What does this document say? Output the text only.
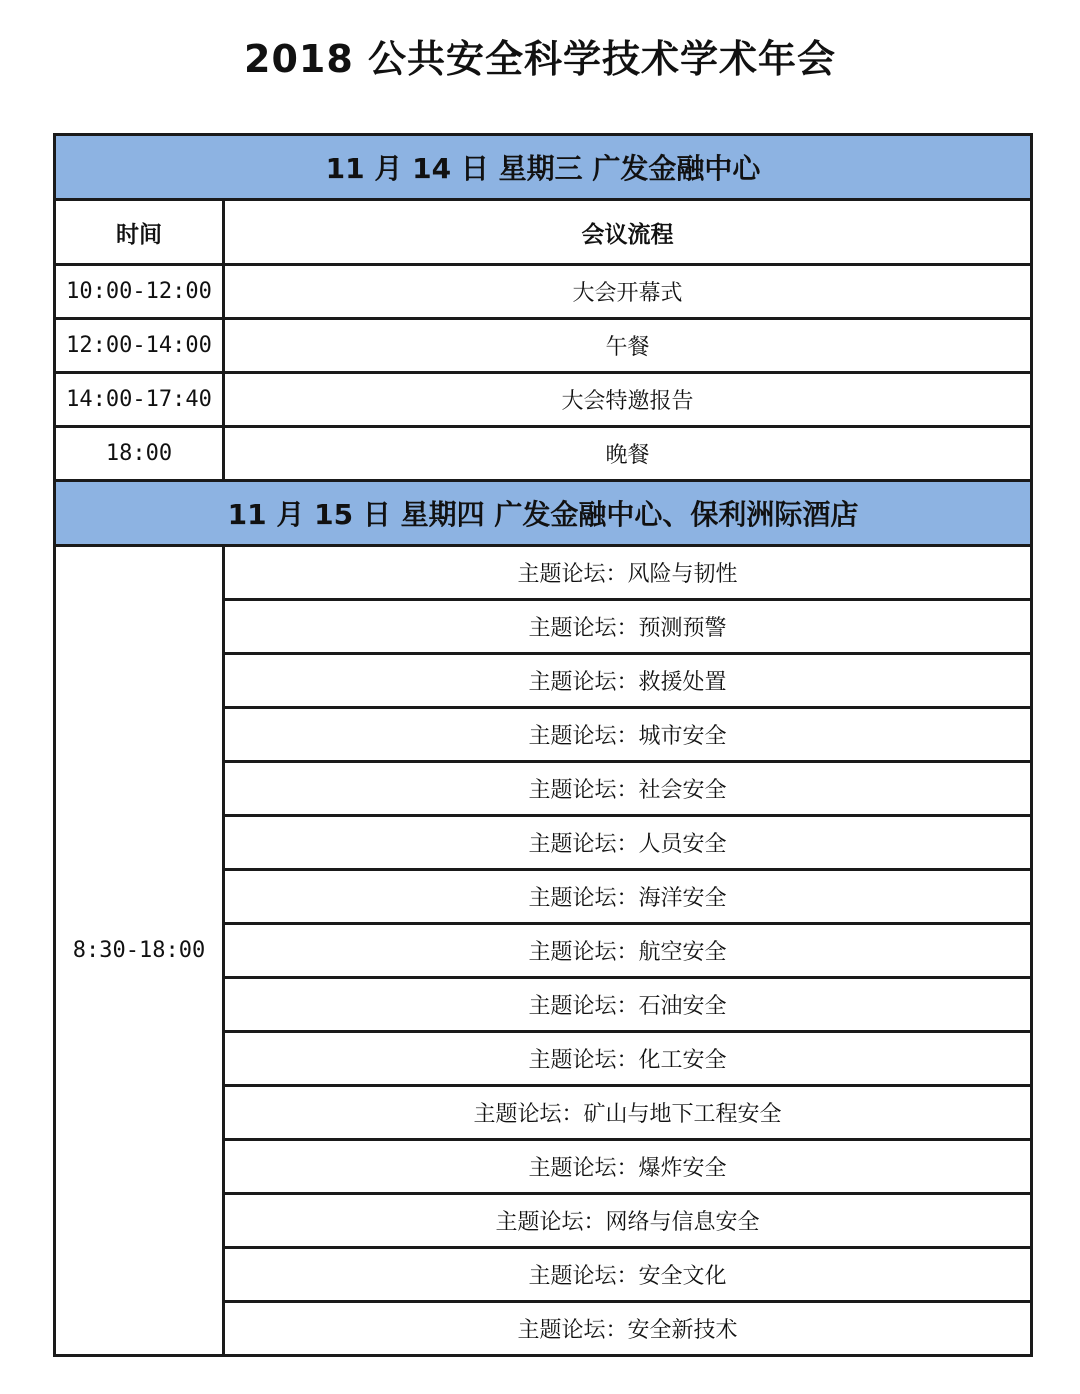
2018 公共安全科学技术学术年会
11 月 14 日 星期三 广发金融中心	
时间	会议流程
10:00-12:00	大会开幕式
12:00-14:00	午餐
14:00-17:40	大会特邀报告
18:00	晚餐
11 月 15 日 星期四 广发金融中心、保利洲际酒店	
8:30-18:00	主题论坛：风险与韧性
	主题论坛：预测预警
	主题论坛：救援处置
	主题论坛：城市安全
	主题论坛：社会安全
	主题论坛：人员安全
	主题论坛：海洋安全
	主题论坛：航空安全
	主题论坛：石油安全
	主题论坛：化工安全
	主题论坛：矿山与地下工程安全
	主题论坛：爆炸安全
	主题论坛：网络与信息安全
	主题论坛：安全文化
	主题论坛：安全新技术
